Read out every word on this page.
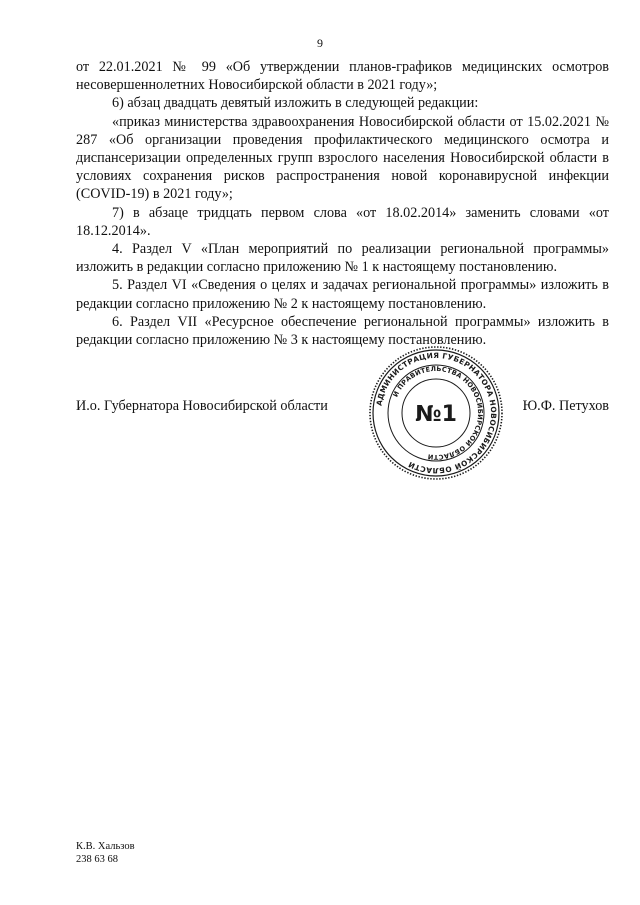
9

от 22.01.2021 № 99 «Об утверждении планов-графиков медицинских осмотров несовершеннолетних Новосибирской области в 2021 году»;

6) абзац двадцать девятый изложить в следующей редакции:

«приказ министерства здравоохранения Новосибирской области от 15.02.2021 № 287 «Об организации проведения профилактического медицинского осмотра и диспансеризации определенных групп взрослого населения Новосибирской области в условиях сохранения рисков распространения новой коронавирусной инфекции (COVID-19) в 2021 году»;

7) в абзаце тридцать первом слова «от 18.02.2014» заменить словами «от 18.12.2014».

4. Раздел V «План мероприятий по реализации региональной программы» изложить в редакции согласно приложению № 1 к настоящему постановлению.

5. Раздел VI «Сведения о целях и задачах региональной программы» изложить в редакции согласно приложению № 2 к настоящему постановлению.

6. Раздел VII «Ресурсное обеспечение региональной программы» изложить в редакции согласно приложению № 3 к настоящему постановлению.

И.о. Губернатора Новосибирской области	АДМИНИСТРАЦИЯ ГУБЕРНАТОРА НОВОСИБИРСКОЙ ОБЛАСТИ
И ПРАВИТЕЛЬСТВА НОВОСИБИРСКОЙ ОБЛАСТИ
№1	Ю.Ф. Петухов
К.В. Хальзов
238 63 68
